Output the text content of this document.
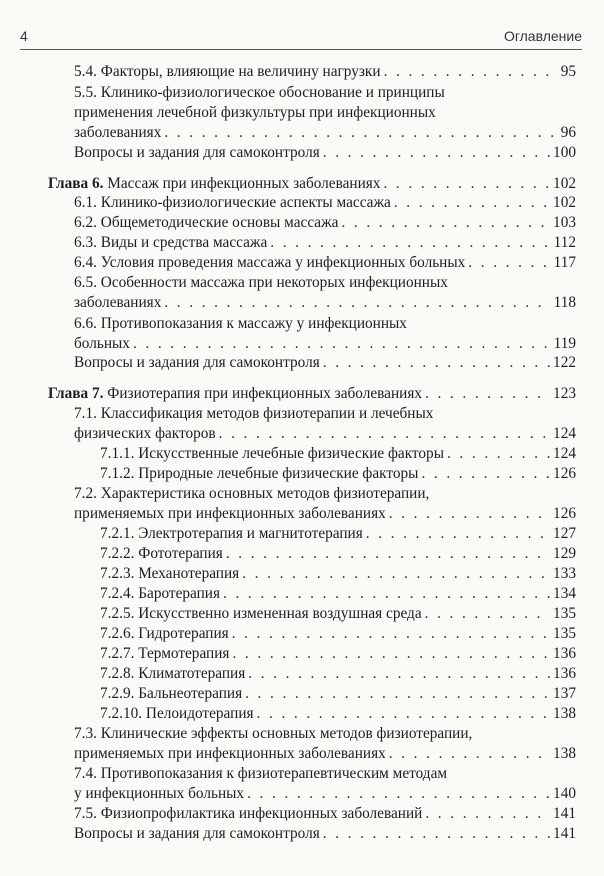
4	Оглавление
5.4. Факторы, влияющие на величину нагрузки . . .	95
5.5. Клинико-физиологическое обоснование и принципы
применения лечебной физкультуры при инфекционных
заболеваниях . . .	96
Вопросы и задания для самоконтроля . . .	100
Глава 6. Массаж при инфекционных заболеваниях . . .	102
6.1. Клинико-физиологические аспекты массажа . . .	102
6.2. Общеметодические основы массажа . . .	103
6.3. Виды и средства массажа . . .	112
6.4. Условия проведения массажа у инфекционных больных . . .	117
6.5. Особенности массажа при некоторых инфекционных
заболеваниях . . .	118
6.6. Противопоказания к массажу у инфекционных
больных . . .	119
Вопросы и задания для самоконтроля . . .	122
Глава 7. Физиотерапия при инфекционных заболеваниях . . .	123
7.1. Классификация методов физиотерапии и лечебных
физических факторов . . .	124
7.1.1. Искусственные лечебные физические факторы . . .	124
7.1.2. Природные лечебные физические факторы . . .	126
7.2. Характеристика основных методов физиотерапии,
применяемых при инфекционных заболеваниях . . .	126
7.2.1. Электротерапия и магнитотерапия . . .	127
7.2.2. Фототерапия . . .	129
7.2.3. Механотерапия . . .	133
7.2.4. Баротерапия . . .	134
7.2.5. Искусственно измененная воздушная среда . . .	135
7.2.6. Гидротерапия . . .	135
7.2.7. Термотерапия . . .	136
7.2.8. Климатотерапия . . .	136
7.2.9. Бальнеотерапия . . .	137
7.2.10. Пелоидотерапия . . .	138
7.3. Клинические эффекты основных методов физиотерапии,
применяемых при инфекционных заболеваниях . . .	138
7.4. Противопоказания к физиотерапевтическим методам
у инфекционных больных . . .	140
7.5. Физиопрофилактика инфекционных заболеваний . . .	141
Вопросы и задания для самоконтроля . . .	141
